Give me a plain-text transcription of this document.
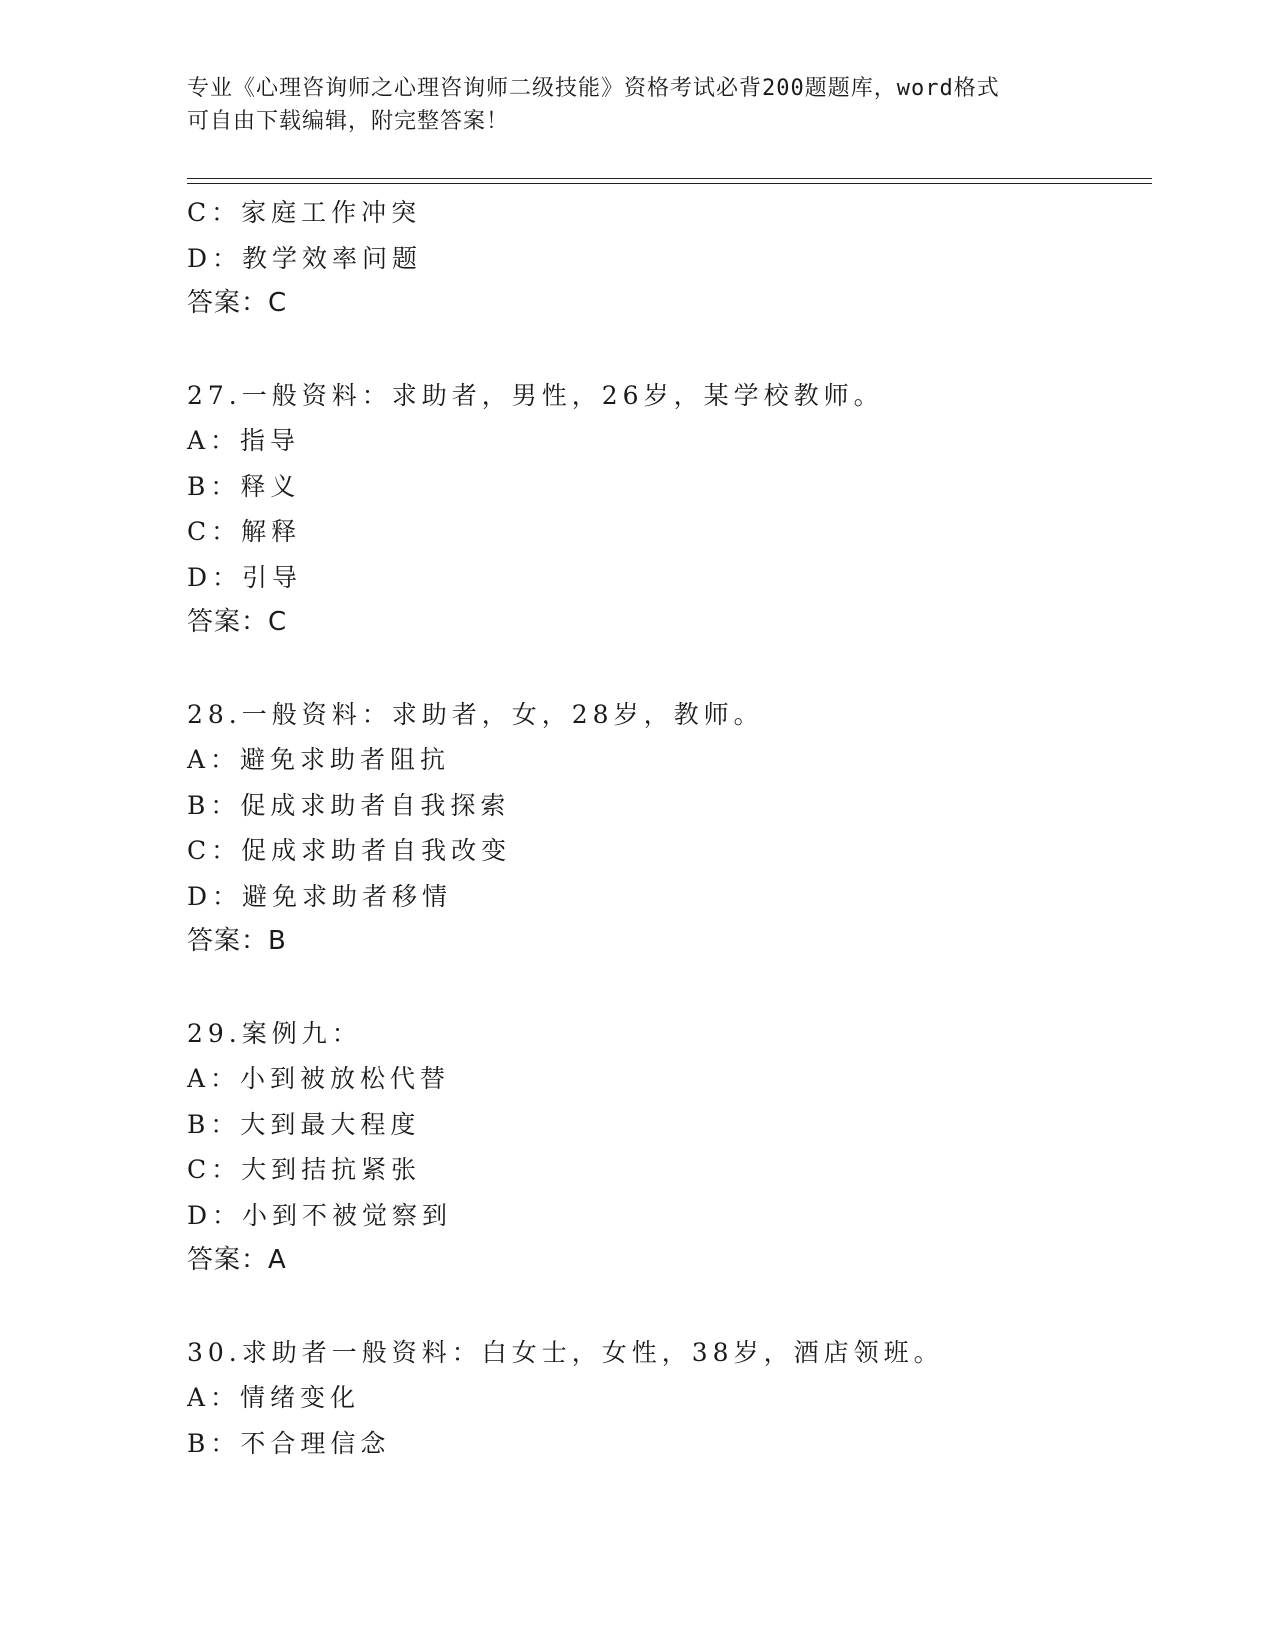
专业《心理咨询师之心理咨询师二级技能》资格考试必背200题题库，word格式
可自由下载编辑，附完整答案！
C：家庭工作冲突
D：教学效率问题
答案：C
27.一般资料：求助者，男性，26岁，某学校教师。
A：指导
B：释义
C：解释
D：引导
答案：C
28.一般资料：求助者，女，28岁，教师。
A：避免求助者阻抗
B：促成求助者自我探索
C：促成求助者自我改变
D：避免求助者移情
答案：B
29.案例九：
A：小到被放松代替
B：大到最大程度
C：大到拮抗紧张
D：小到不被觉察到
答案：A
30.求助者一般资料：白女士，女性，38岁，酒店领班。
A：情绪变化
B：不合理信念
